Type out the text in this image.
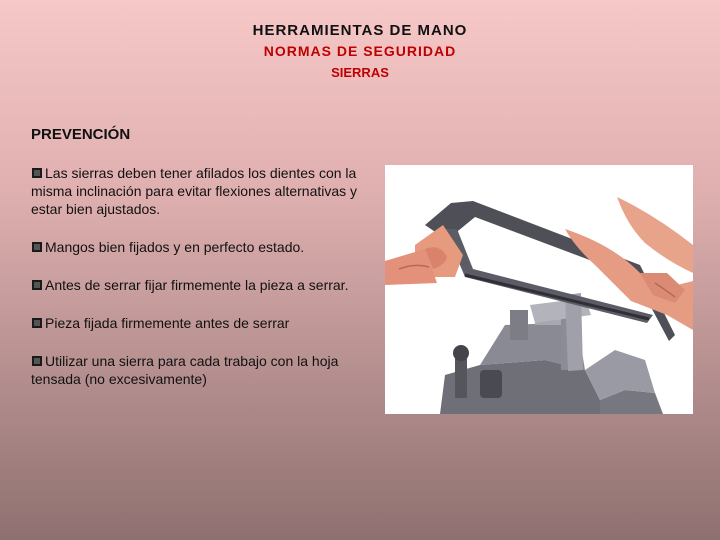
HERRAMIENTAS DE MANO
NORMAS DE SEGURIDAD
SIERRAS
PREVENCIÓN
Las sierras deben tener afilados los dientes con la misma inclinación para evitar flexiones alternativas y estar bien ajustados.
Mangos bien fijados y en perfecto estado.
Antes de serrar fijar firmemente la pieza a serrar.
Pieza fijada firmemente antes de serrar
Utilizar una sierra para cada trabajo con la hoja tensada (no excesivamente)
